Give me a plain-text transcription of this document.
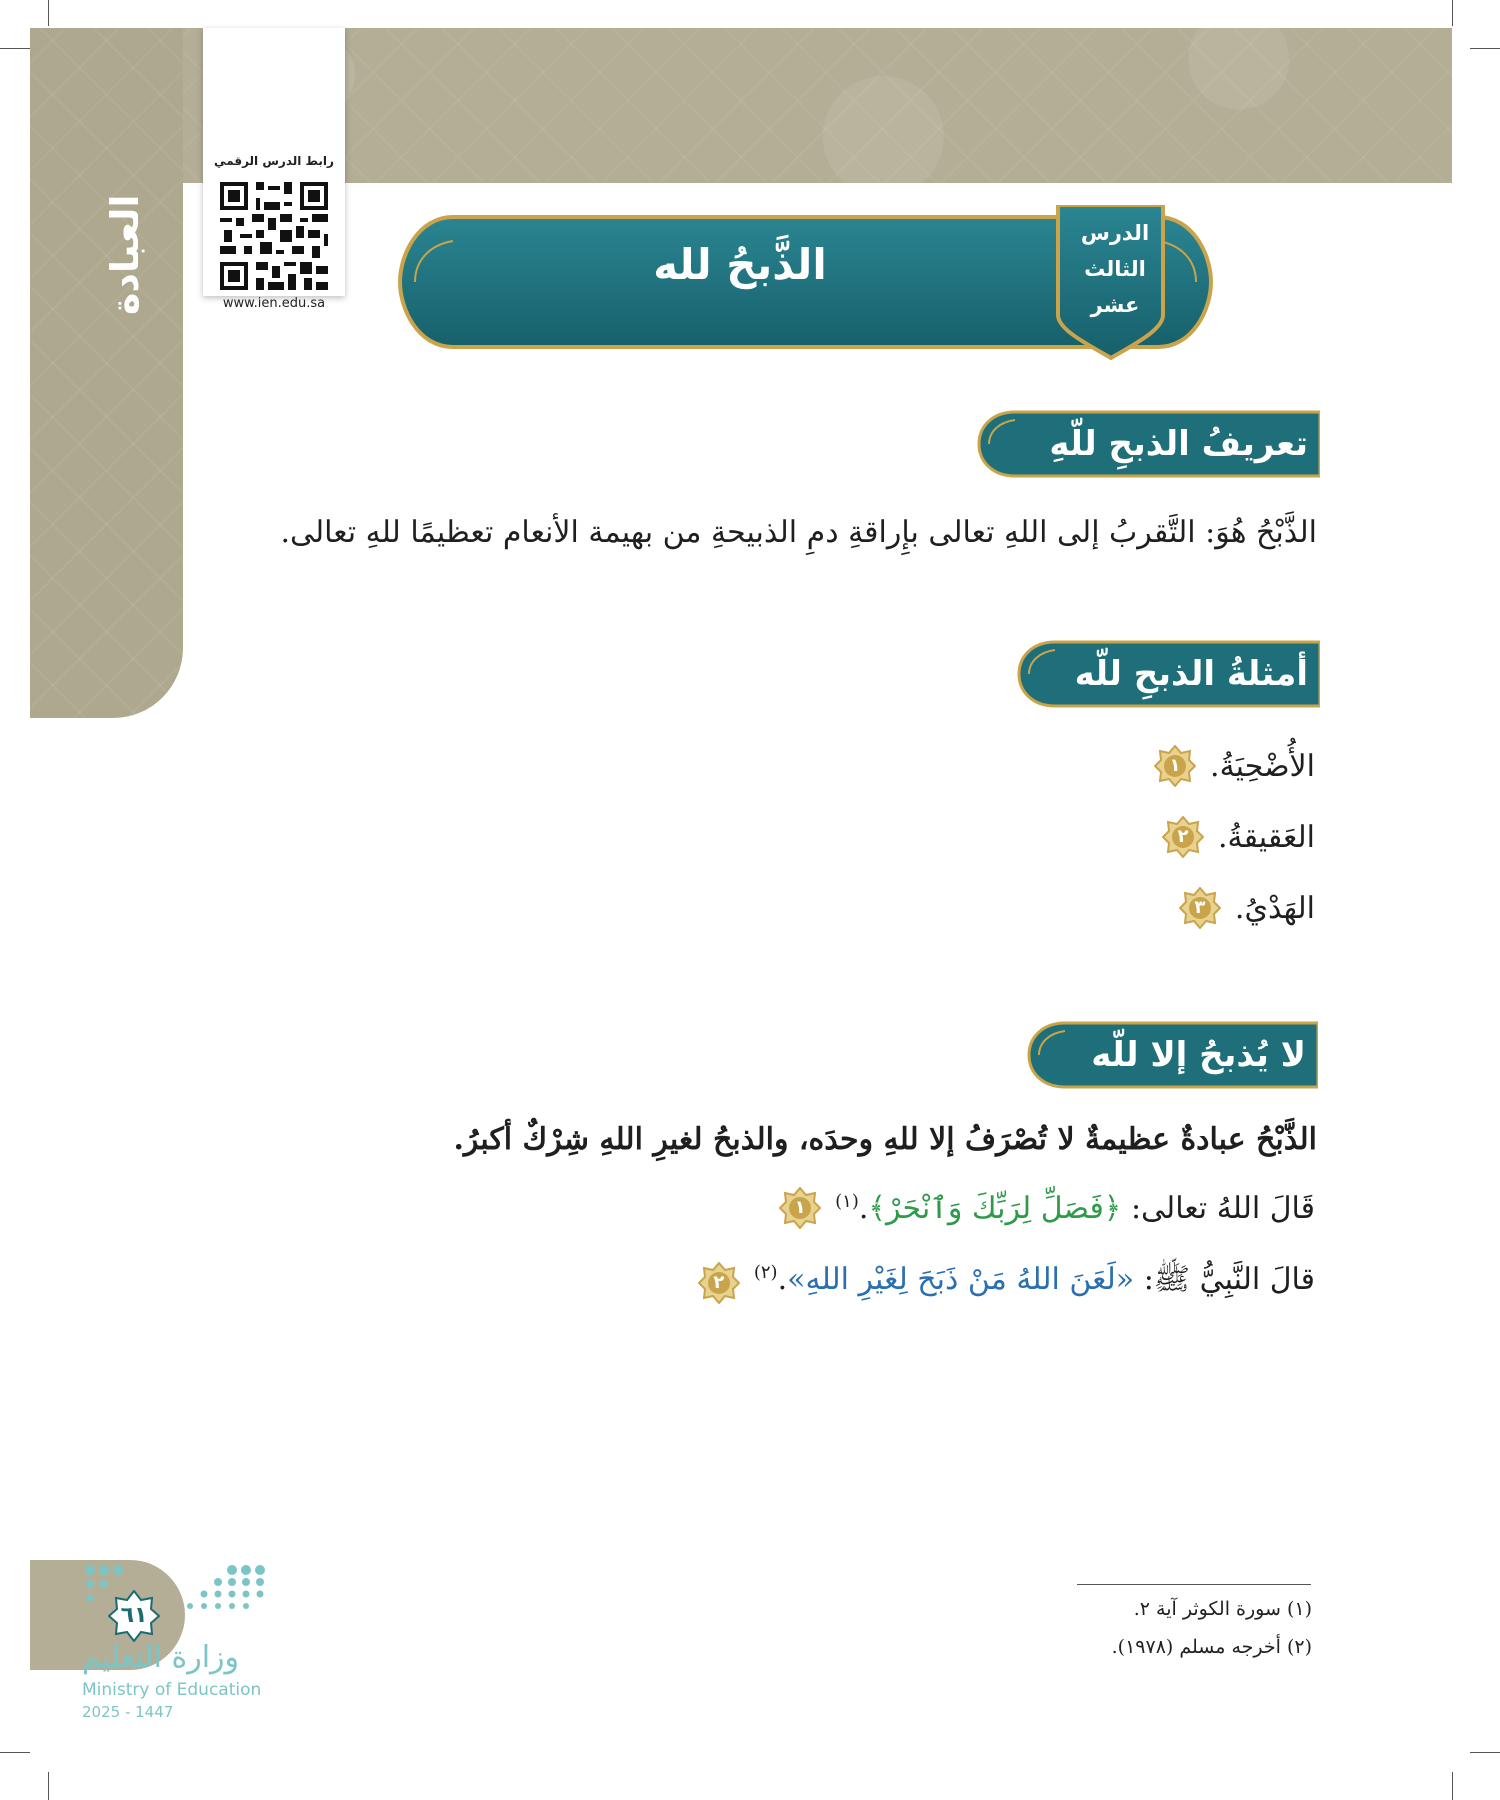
العبادة
رابط الدرس الرقمي
www.ien.edu.sa
الدرس
الثالث
عشر
الذَّبحُ لله
تعريفُ الذبحِ للّهِ
الذَّبْحُ هُوَ: التَّقربُ إلى اللهِ تعالى بإِراقةِ دمِ الذبيحةِ من بهيمة الأنعام تعظيمًا للهِ تعالى.
أمثلةُ الذبحِ للّه
١ الأُضْحِيَةُ.
٢ العَقيقةُ.
٣ الهَدْيُ.
لا يُذبحُ إلا للّه
الذَّبْحُ عبادةٌ عظيمةٌ لا تُصْرَفُ إلا للهِ وحدَه، والذبحُ لغيرِ اللهِ شِرْكٌ أكبرُ.
١	قَالَ اللهُ تعالى: ﴿فَصَلِّ لِرَبِّكَ وَٱنْحَرْ﴾.$^{(١)}$
٢	قالَ النَّبِيُّ ﷺ: «لَعَنَ اللهُ مَنْ ذَبَحَ لِغَيْرِ اللهِ».$^{(٢)}$
(١) سورة الكوثر آية ٢.
(٢) أخرجه مسلم (١٩٧٨).
٦١
وزارة التعليم
Ministry of Education
2025 - 1447
